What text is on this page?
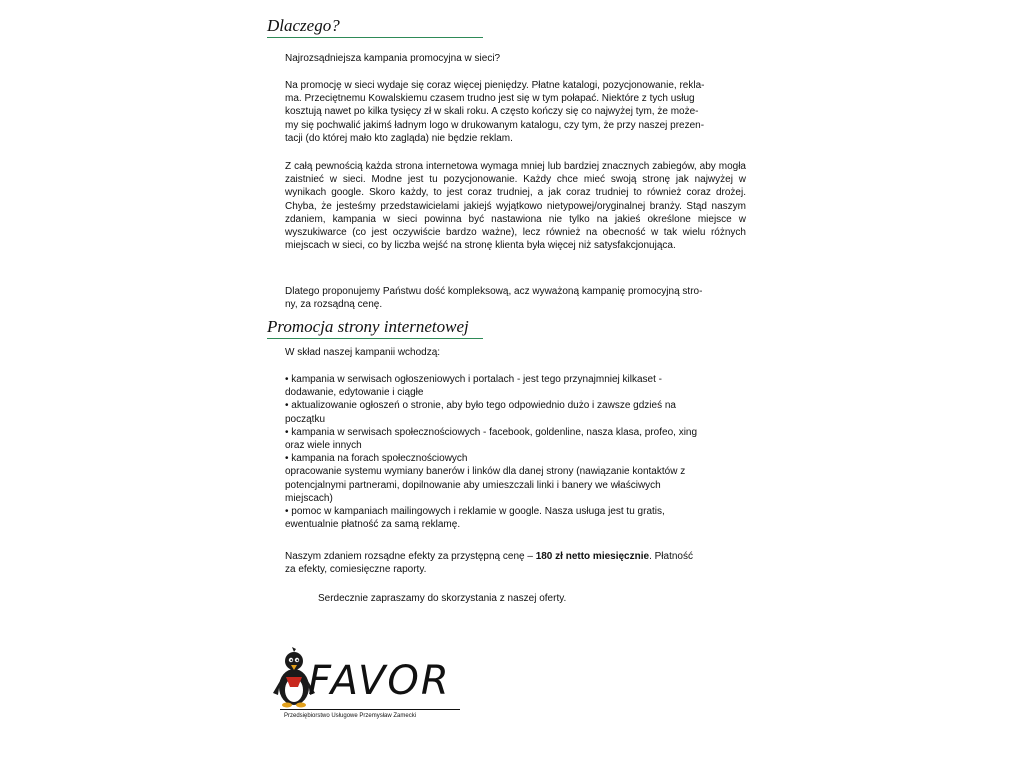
Dlaczego?

Najrozsądniejsza kampania promocyjna w sieci?

Na promocję w sieci wydaje się coraz więcej pieniędzy. Płatne katalogi, pozycjonowanie, rekla-
ma. Przeciętnemu Kowalskiemu czasem trudno jest się w tym połapać. Niektóre z tych usług
kosztują nawet po kilka tysięcy zł w skali roku. A często kończy się co najwyżej tym, że może-
my się pochwalić jakimś ładnym logo w drukowanym katalogu, czy tym, że przy naszej prezen-
tacji (do której mało kto zagląda) nie będzie reklam.

Z całą pewnością każda strona internetowa wymaga mniej lub bardziej znacznych zabiegów, aby mogła zaistnieć w sieci. Modne jest tu pozycjonowanie. Każdy chce mieć swoją stronę jak najwyżej w wynikach google. Skoro każdy, to jest coraz trudniej, a jak coraz trudniej to również coraz drożej. Chyba, że jesteśmy przedstawicielami jakiejś wyjątkowo nietypowej/oryginalnej branży. Stąd naszym zdaniem, kampania w sieci powinna być nastawiona nie tylko na jakieś określone miejsce w wyszukiwarce (co jest oczywiście bardzo ważne), lecz również na obecność w tak wielu różnych miejscach w sieci, co by liczba wejść na stronę klienta była więcej niż satysfakcjonująca.

Dlatego proponujemy Państwu dość kompleksową, acz wyważoną kampanię promocyjną stro-
ny, za rozsądną cenę.

Promocja strony internetowej

W skład naszej kampanii wchodzą:

• kampania w serwisach ogłoszeniowych i portalach - jest tego przynajmniej kilkaset -
dodawanie, edytowanie i ciągłe
• aktualizowanie ogłoszeń o stronie, aby było tego odpowiednio dużo i zawsze gdzieś na
początku
• kampania w serwisach społecznościowych - facebook, goldenline, nasza klasa, profeo, xing
oraz wiele innych
• kampania na forach społecznościowych
opracowanie systemu wymiany banerów i linków dla danej strony (nawiązanie kontaktów z
potencjalnymi partnerami, dopilnowanie aby umieszczali linki i banery we właściwych
miejscach)
• pomoc w kampaniach mailingowych i reklamie w google. Nasza usługa jest tu gratis,
ewentualnie płatność za samą reklamę.

Naszym zdaniem rozsądne efekty za przystępną cenę – 180 zł netto miesięcznie. Płatność
za efekty, comiesięczne raporty.

Serdecznie zapraszamy do skorzystania z naszej oferty.

FAVOR
Przedsiębiorstwo Usługowe Przemysław Zamecki
